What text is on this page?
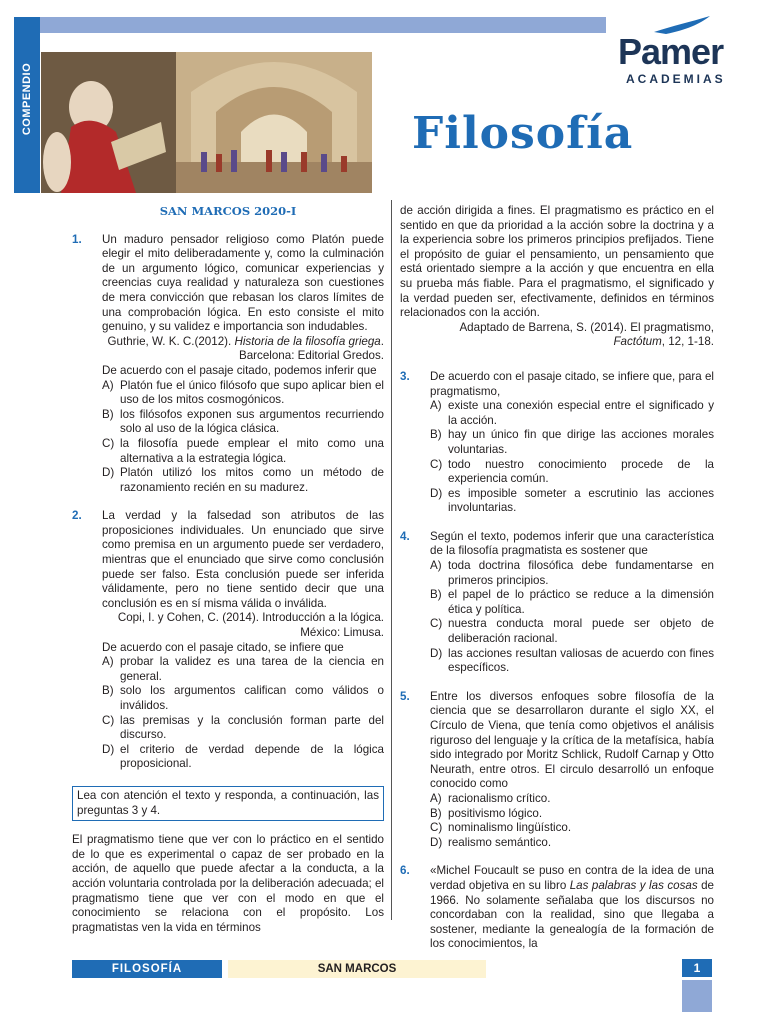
COMPENDIO
Pamer
ACADEMIAS
Filosofía

SAN MARCOS 2020-I

1. Un maduro pensador religioso como Platón puede elegir el mito deliberadamente y, como la culminación de un argumento lógico, comunicar experiencias y creencias cuya realidad y naturaleza son cuestiones de mera convicción que rebasan los claros límites de una comprobación lógica. En esto consiste el mito genuino, y su validez e importancia son indudables.

Guthrie, W. K. C.(2012). Historia de la filosofía griega.

Barcelona: Editorial Gredos.

De acuerdo con el pasaje citado, podemos inferir que

A) Platón fue el único filósofo que supo aplicar bien el uso de los mitos cosmogónicos.
B) los filósofos exponen sus argumentos recurriendo solo al uso de la lógica clásica.
C) la filosofía puede emplear el mito como una alternativa a la estrategia lógica.
D) Platón utilizó los mitos como un método de razonamiento recién en su madurez.
2. La verdad y la falsedad son atributos de las proposiciones individuales. Un enunciado que sirve como premisa en un argumento puede ser verdadero, mientras que el enunciado que sirve como conclusión puede ser falso. Esta conclusión puede ser inferida válidamente, pero no tiene sentido decir que una conclusión es en sí misma válida o inválida.

Copi, I. y Cohen, C. (2014). Introducción a la lógica.

México: Limusa.

De acuerdo con el pasaje citado, se infiere que

A) probar la validez es una tarea de la ciencia en general.
B) solo los argumentos califican como válidos o inválidos.
C) las premisas y la conclusión forman parte del discurso.
D) el criterio de verdad depende de la lógica proposicional.

Lea con atención el texto y responda, a continuación, las preguntas 3 y 4.

El pragmatismo tiene que ver con lo práctico en el sentido de lo que es experimental o capaz de ser probado en la acción, de aquello que puede afectar a la conducta, a la acción voluntaria controlada por la deliberación adecuada; el pragmatismo tiene que ver con el modo en que el conocimiento se relaciona con el propósito. Los pragmatistas ven la vida en términos

de acción dirigida a fines. El pragmatismo es práctico en el sentido en que da prioridad a la acción sobre la doctrina y a la experiencia sobre los primeros principios prefijados. Tiene el propósito de guiar el pensamiento, un pensamiento que está orientado siempre a la acción y que encuentra en ella su prueba más fiable. Para el pragmatismo, el significado y la verdad pueden ser, efectivamente, definidos en términos relacionados con la acción.

Adaptado de Barrena, S. (2014). El pragmatismo,

Factótum, 12, 1-18.

3. De acuerdo con el pasaje citado, se infiere que, para el pragmatismo,

A) existe una conexión especial entre el significado y la acción.
B) hay un único fin que dirige las acciones morales voluntarias.
C) todo nuestro conocimiento procede de la experiencia común.
D) es imposible someter a escrutinio las acciones involuntarias.
4. Según el texto, podemos inferir que una característica de la filosofía pragmatista es sostener que

A) toda doctrina filosófica debe fundamentarse en primeros principios.
B) el papel de lo práctico se reduce a la dimensión ética y política.
C) nuestra conducta moral puede ser objeto de deliberación racional.
D) las acciones resultan valiosas de acuerdo con fines específicos.
5. Entre los diversos enfoques sobre filosofía de la ciencia que se desarrollaron durante el siglo XX, el Círculo de Viena, que tenía como objetivos el análisis riguroso del lenguaje y la crítica de la metafísica, había sido integrado por Moritz Schlick, Rudolf Carnap y Otto Neurath, entre otros. El circulo desarrolló un enfoque conocido como

A) racionalismo crítico.
B) positivismo lógico.
C) nominalismo lingüístico.
D) realismo semántico.
6. «Michel Foucault se puso en contra de la idea de una verdad objetiva en su libro Las palabras y las cosas de 1966. No solamente señalaba que los discursos no concordaban con la realidad, sino que llegaba a sostener, mediante la genealogía de la formación de los conocimientos, la

FILOSOFÍA	SAN MARCOS	1
